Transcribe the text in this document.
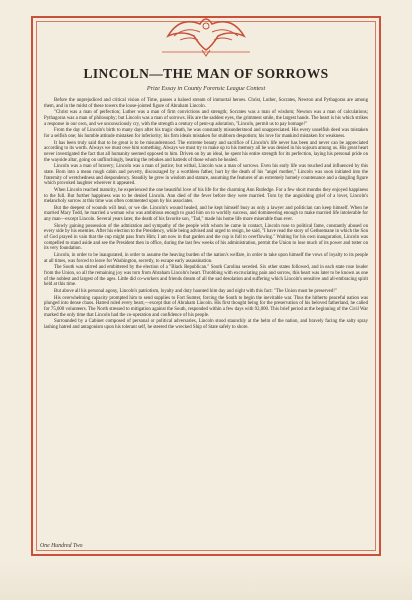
LINCOLN—THE MAN OF SORROWS
Prize Essay in County Forensic League Contest

Before the unprejudiced and critical vision of Time, passes a haloed stream of immortal heroes. Christ, Luther, Socrates, Newton and Pythagoras are among them, and in the midst of these towers the loose-jointed figure of Abraham Lincoln.

"Christ was a man of perfection; Luther was a man of firm convictions and strength; Socrates was a man of wisdom; Newton was a man of calculations; Pythagoras was a man of philosophy; but Lincoln was a man of sorrows. His are the saddest eyes, the grimmest smile, the largest hands. The heart is his which strikes a response in our own, and we unconsciously cry, with the strength a century of pent-up adoration, "Lincoln, permit us to pay homage!"

From the day of Lincoln's birth to many days after his tragic death, he was constantly misunderstood and unappreciated. His every unselfish deed was mistaken for a selfish one; his humble attitude mistaken for inferiority; his firm ideals mistaken for stubborn despotism; his love for mankind mistaken for weakness.

It has been truly said that to be great is to be misunderstood. The extreme beauty and sacrifice of Lincoln's life never has been and never can be appreciated according to its worth. Always we must owe him something. Always we must try to make up to his memory all he was denied in his sojourn among us. His great heart never investigated the fact that all humanity seemed opposed to him. Driven on by an ideal, he spent his entire strength for its perfection, laying his personal pride on the wayside altar, going on unflinchingly, bearing the rebukes and hatreds of those whom he healed.

Lincoln was a man of bravery; Lincoln was a man of justice; but withal, Lincoln was a man of sorrows. Even his early life was touched and influenced by this state. Born into a mean rough cabin and poverty, discouraged by a worthless father, hurt by the death of his "angel mother," Lincoln was soon initiated into the fraternity of wretchedness and despondency. Steadily he grew in wisdom and stature, assuming the features of an extremely homely countenance and a dangling figure which provoked laughter wherever it appeared.

When Lincoln reached maturity, he experienced the one beautiful love of his life for the charming Ann Rutledge. For a few short months they enjoyed happiness to the full. But further happiness was to be denied Lincoln. Ann died of the fever before they were married. Torn by the anguishing grief of a lover, Lincoln's melancholy sorrow at this time was often commented upon by his associates.

But the deepest of wounds will heal, or we die. Lincoln's wound healed, and he kept himself busy as only a lawyer and politician can keep himself. When he married Mary Todd, he married a woman who was ambitious enough to goad him on to worldly success, and domineering enough to make married life intolerable for any man—except Lincoln. Several years later, the death of his favorite son, "Tad," made his home life more miserable than ever.

Slowly gaining possession of the admiration and sympathy of the people with whom he came in contact, Lincoln rose to political fame, constantly abused on every side by his enemies. After his election to the Presidency, while being advised and urged to resign, he said, "I have read the story of Gethsemane in which the Son of God prayed in vain that the cup might pass from Him; I am now in that garden and the cup is full to overflowing." Waiting for his own inauguration, Lincoln was compelled to stand aside and see the President then in office, during the last few weeks of his administration, permit the Union to lose much of its power and totter on its very foundation.

Lincoln, in order to be inaugurated, in order to assume the heaving burden of the nation's welfare, in order to take upon himself the vows of loyalty to its people at all times, was forced to leave for Washington, secretly, to escape early assassination.

The South was stirred and embittered by the election of a "Black Republican." South Carolina seceded. Six other states followed, and in each state rose louder from the Union, so all the remaining joy was torn from Abraham Lincoln's heart. Throbbing with excruciating pain and sorrow, this heart was later to be known as one of the noblest and largest of the ages. Little did co-workers and friends dream of all the sad desolation and suffering which Lincoln's sensitive and all-embracing spirit held at this time.

But above all his personal agony, Lincoln's patriotism, loyalty and duty haunted him day and night with this fact: "The Union must be preserved!"

His overwhelming capacity prompted him to send supplies to Fort Sumter, forcing the South to begin the inevitable war. Thus the hitherto peaceful nation was plunged into dense chaos. Hatred ruled every heart,—except that of Abraham Lincoln. His first thought being for the preservation of his beloved fatherland, he called for 75,000 volunteers. The North stressed to mitigation against the South, responded within a few days with 92,000. This brief period at the beginning of the Civil War marked the only time that Lincoln had the co-operation and confidence of his people.

Surrounded by a Cabinet composed of personal or political adversaries, Lincoln stood staunchly at the helm of the nation, and bravely facing the salty spray lashing hatred and antagonism upon his tolerant self, he steered the wrecked Ship of State safely to shore.

One Hundred Two
